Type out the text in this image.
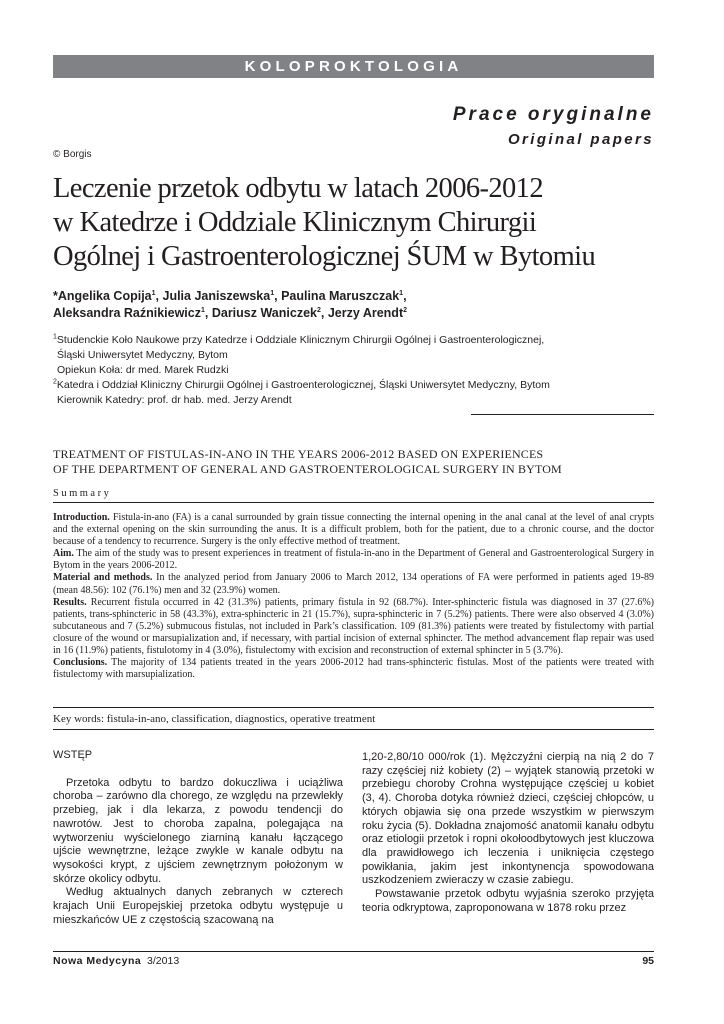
KOLOPROKTOLOGIA
Prace oryginalne
Original papers
© Borgis
Leczenie przetok odbytu w latach 2006-2012
w Katedrze i Oddziale Klinicznym Chirurgii
Ogólnej i Gastroenterologicznej ŚUM w Bytomiu
*Angelika Copija$^1$, Julia Janiszewska$^1$, Paulina Maruszczak$^1$,
Aleksandra Raźnikiewicz$^1$, Dariusz Waniczek$^2$, Jerzy Arendt$^2$
$^1$Studenckie Koło Naukowe przy Katedrze i Oddziale Klinicznym Chirurgii Ogólnej i Gastroenterologicznej,
Śląski Uniwersytet Medyczny, Bytom
Opiekun Koła: dr med. Marek Rudzki
$^2$Katedra i Oddział Kliniczny Chirurgii Ogólnej i Gastroenterologicznej, Śląski Uniwersytet Medyczny, Bytom
Kierownik Katedry: prof. dr hab. med. Jerzy Arendt
TREATMENT OF FISTULAS-IN-ANO IN THE YEARS 2006-2012 BASED ON EXPERIENCES
OF THE DEPARTMENT OF GENERAL AND GASTROENTEROLOGICAL SURGERY IN BYTOM
Summary

Introduction. Fistula-in-ano (FA) is a canal surrounded by grain tissue connecting the internal opening in the anal canal at the level of anal crypts and the external opening on the skin surrounding the anus. It is a difficult problem, both for the patient, due to a chronic course, and the doctor because of a tendency to recurrence. Surgery is the only effective method of treatment.

Aim. The aim of the study was to present experiences in treatment of fistula-in-ano in the Department of General and Gastroenterological Surgery in Bytom in the years 2006-2012.

Material and methods. In the analyzed period from January 2006 to March 2012, 134 operations of FA were performed in patients aged 19-89 (mean 48.56): 102 (76.1%) men and 32 (23.9%) women.

Results. Recurrent fistula occurred in 42 (31.3%) patients, primary fistula in 92 (68.7%). Inter-sphincteric fistula was diagnosed in 37 (27.6%) patients, trans-sphincteric in 58 (43.3%), extra-sphincteric in 21 (15.7%), supra-sphincteric in 7 (5.2%) patients. There were also observed 4 (3.0%) subcutaneous and 7 (5.2%) submucous fistulas, not included in Park’s classification. 109 (81.3%) patients were treated by fistulectomy with partial closure of the wound or marsupialization and, if necessary, with partial incision of external sphincter. The method advancement flap repair was used in 16 (11.9%) patients, fistulotomy in 4 (3.0%), fistulectomy with excision and reconstruction of external sphincter in 5 (3.7%).

Conclusions. The majority of 134 patients treated in the years 2006-2012 had trans-sphincteric fistulas. Most of the patients were treated with fistulectomy with marsupialization.

Key words: fistula-in-ano, classification, diagnostics, operative treatment
WSTĘP

Przetoka odbytu to bardzo dokuczliwa i uciążliwa choroba – zarówno dla chorego, ze względu na przewlekły przebieg, jak i dla lekarza, z powodu tendencji do nawrotów. Jest to choroba zapalna, polegająca na wytworzeniu wyścielonego ziarniną kanału łączącego ujście wewnętrzne, leżące zwykle w kanale odbytu na wysokości krypt, z ujściem zewnętrznym położonym w skórze okolicy odbytu.

Według aktualnych danych zebranych w czterech krajach Unii Europejskiej przetoka odbytu występuje u mieszkańców UE z częstością szacowaną na

1,20-2,80/10 000/rok (1). Mężczyźni cierpią na nią 2 do 7 razy częściej niż kobiety (2) – wyjątek stanowią przetoki w przebiegu choroby Crohna występujące częściej u kobiet (3, 4). Choroba dotyka również dzieci, częściej chłopców, u których objawia się ona przede wszystkim w pierwszym roku życia (5). Dokładna znajomość anatomii kanału odbytu oraz etiologii przetok i ropni okołoodbytowych jest kluczowa dla prawidłowego ich leczenia i uniknięcia częstego powikłania, jakim jest inkontynencja spowodowana uszkodzeniem zwieraczy w czasie zabiegu.

Powstawanie przetok odbytu wyjaśnia szeroko przyjęta teoria odkryptowa, zaproponowana w 1878 roku przez

Nowa Medycyna 3/2013	95
